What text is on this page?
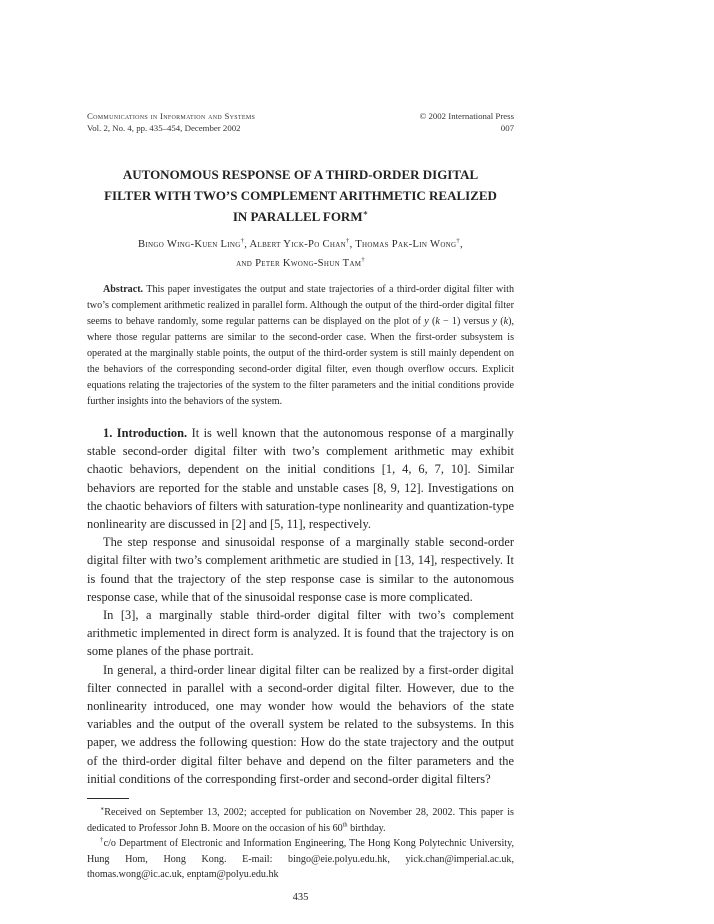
Communications in Information and Systems
Vol. 2, No. 4, pp. 435–454, December 2002
© 2002 International Press
007
AUTONOMOUS RESPONSE OF A THIRD-ORDER DIGITAL
FILTER WITH TWO’S COMPLEMENT ARITHMETIC REALIZED
IN PARALLEL FORM∗
Bingo Wing-Kuen Ling†, Albert Yick-Po Chan†, Thomas Pak-Lin Wong†,
and Peter Kwong-Shun Tam†

Abstract. This paper investigates the output and state trajectories of a third-order digital filter with two’s complement arithmetic realized in parallel form. Although the output of the third-order digital filter seems to behave randomly, some regular patterns can be displayed on the plot of y (k − 1) versus y (k), where those regular patterns are similar to the second-order case. When the first-order subsystem is operated at the marginally stable points, the output of the third-order system is still mainly dependent on the behaviors of the corresponding second-order digital filter, even though overflow occurs. Explicit equations relating the trajectories of the system to the filter parameters and the initial conditions provide further insights into the behaviors of the system.

1. Introduction. It is well known that the autonomous response of a marginally stable second-order digital filter with two’s complement arithmetic may exhibit chaotic behaviors, dependent on the initial conditions [1, 4, 6, 7, 10]. Similar behaviors are reported for the stable and unstable cases [8, 9, 12]. Investigations on the chaotic behaviors of filters with saturation-type nonlinearity and quantization-type nonlinearity are discussed in [2] and [5, 11], respectively.

The step response and sinusoidal response of a marginally stable second-order digital filter with two’s complement arithmetic are studied in [13, 14], respectively. It is found that the trajectory of the step response case is similar to the autonomous response case, while that of the sinusoidal response case is more complicated.

In [3], a marginally stable third-order digital filter with two’s complement arithmetic implemented in direct form is analyzed. It is found that the trajectory is on some planes of the phase portrait.

In general, a third-order linear digital filter can be realized by a first-order digital filter connected in parallel with a second-order digital filter. However, due to the nonlinearity introduced, one may wonder how would the behaviors of the state variables and the output of the overall system be related to the subsystems. In this paper, we address the following question: How do the state trajectory and the output of the third-order digital filter behave and depend on the filter parameters and the initial conditions of the corresponding first-order and second-order digital filters?

∗Received on September 13, 2002; accepted for publication on November 28, 2002. This paper is dedicated to Professor John B. Moore on the occasion of his 60th birthday.

†c/o Department of Electronic and Information Engineering, The Hong Kong Polytechnic University, Hung Hom, Hong Kong. E-mail: bingo@eie.polyu.edu.hk, yick.chan@imperial.ac.uk, thomas.wong@ic.ac.uk, enptam@polyu.edu.hk

435
